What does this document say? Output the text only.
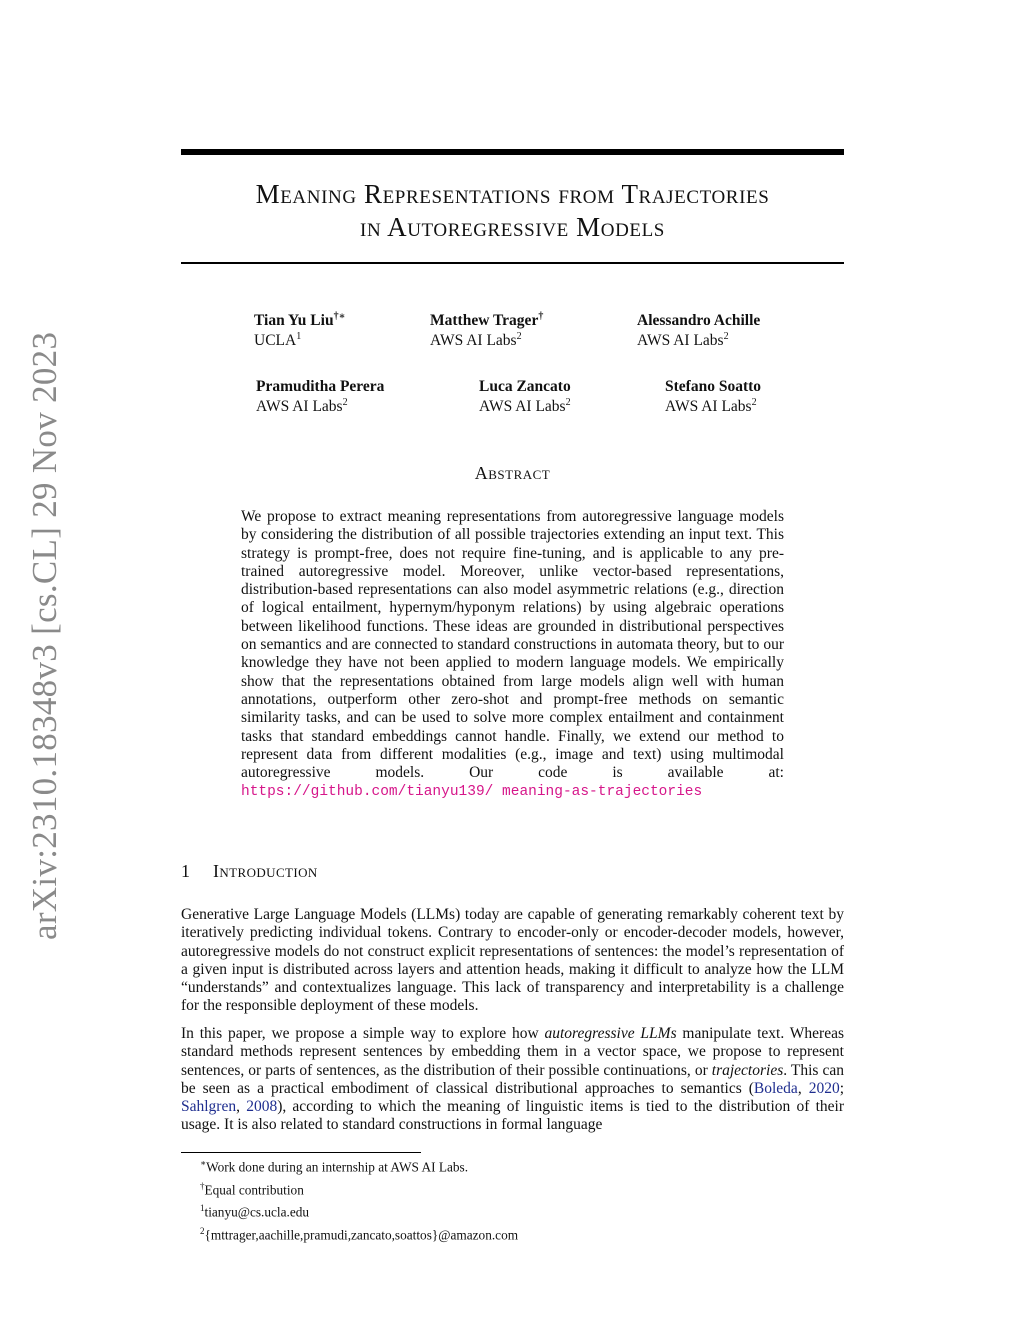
arXiv:2310.18348v3 [cs.CL] 29 Nov 2023
Meaning Representations from Trajectories
in Autoregressive Models
Tian Yu Liu†∗
UCLA$^1$
Matthew Trager†
AWS AI Labs$^2$
Alessandro Achille
AWS AI Labs$^2$
Pramuditha Perera
AWS AI Labs$^2$
Luca Zancato
AWS AI Labs$^2$
Stefano Soatto
AWS AI Labs$^2$
Abstract
We propose to extract meaning representations from autoregressive language models by considering the distribution of all possible trajectories extending an input text. This strategy is prompt-free, does not require fine-tuning, and is applicable to any pre-trained autoregressive model. Moreover, unlike vector-based representations, distribution-based representations can also model asymmetric relations (e.g., direction of logical entailment, hypernym/hyponym relations) by using algebraic operations between likelihood functions. These ideas are grounded in distributional perspectives on semantics and are connected to standard constructions in automata theory, but to our knowledge they have not been applied to modern language models. We empirically show that the representations obtained from large models align well with human annotations, outperform other zero-shot and prompt-free methods on semantic similarity tasks, and can be used to solve more complex entailment and containment tasks that standard embeddings cannot handle. Finally, we extend our method to represent data from different modalities (e.g., image and text) using multimodal autoregressive models. Our code is available at: https://github.com/tianyu139/ meaning-as-trajectories
1 Introduction
Generative Large Language Models (LLMs) today are capable of generating remarkably coherent text by iteratively predicting individual tokens. Contrary to encoder-only or encoder-decoder models, however, autoregressive models do not construct explicit representations of sentences: the model’s representation of a given input is distributed across layers and attention heads, making it difficult to analyze how the LLM “understands” and contextualizes language. This lack of transparency and interpretability is a challenge for the responsible deployment of these models.
In this paper, we propose a simple way to explore how autoregressive LLMs manipulate text. Whereas standard methods represent sentences by embedding them in a vector space, we propose to represent sentences, or parts of sentences, as the distribution of their possible continuations, or trajectories. This can be seen as a practical embodiment of classical distributional approaches to semantics (Boleda, 2020; Sahlgren, 2008), according to which the meaning of linguistic items is tied to the distribution of their usage. It is also related to standard constructions in formal language
∗Work done during an internship at AWS AI Labs.
†Equal contribution
$^1$tianyu@cs.ucla.edu
$^2${mttrager,aachille,pramudi,zancato,soattos}@amazon.com
